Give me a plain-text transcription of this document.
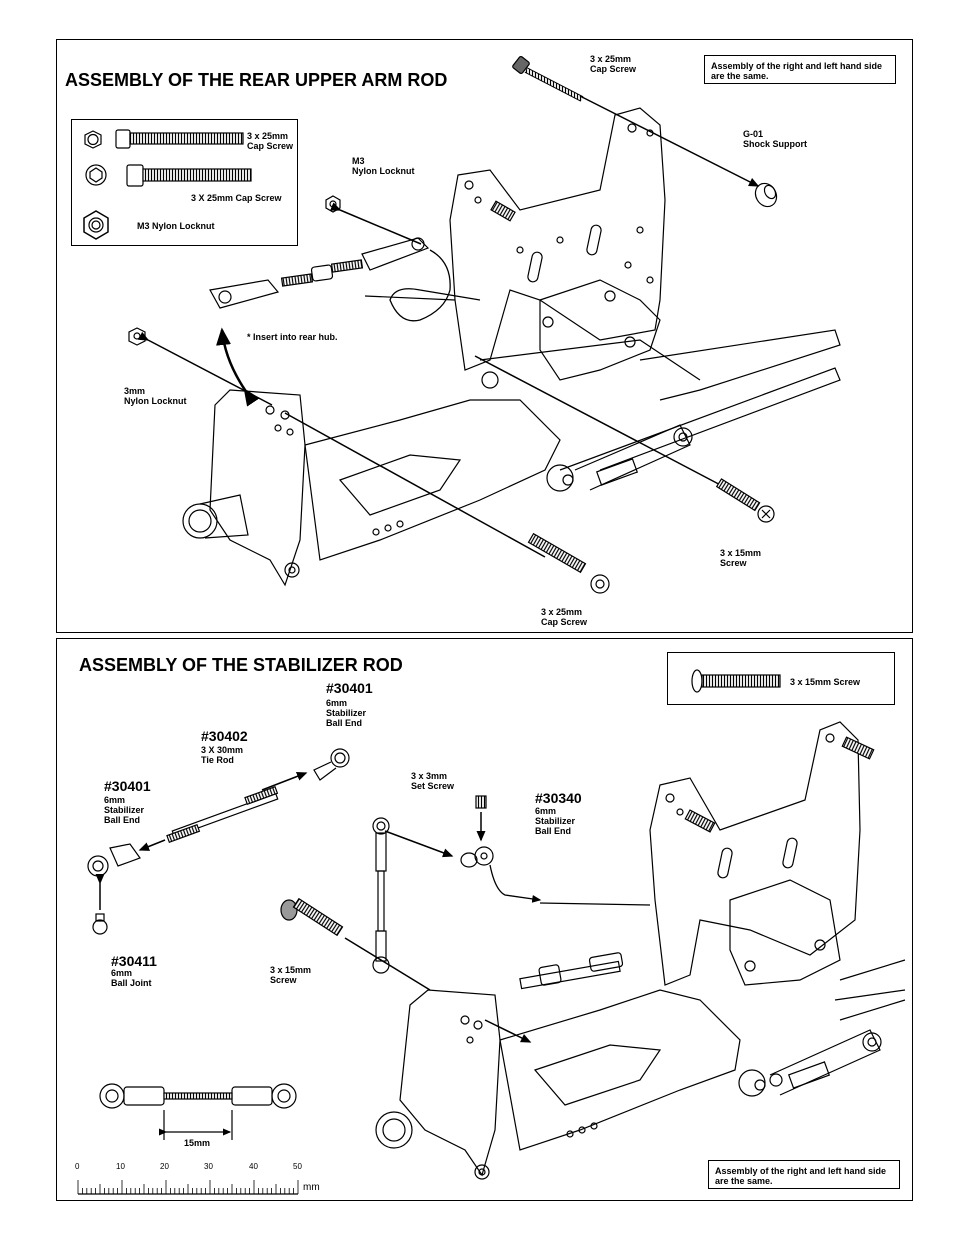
ASSEMBLY OF THE REAR UPPER ARM ROD
Assembly of the right and left hand side are the same.
3 x 25mm
Cap Screw
3 X 25mm Cap Screw
M3 Nylon Locknut
3 x 25mm
Cap Screw
G-01
Shock Support
M3
Nylon Locknut
* Insert into rear hub.
3mm
Nylon Locknut
3 x 15mm
Screw
3 x 25mm
Cap Screw
ASSEMBLY OF THE STABILIZER ROD
3 x 15mm Screw
Assembly of the right and left hand side are the same.
#30401
6mm
Stabilizer
Ball End
#30402
3 X 30mm
Tie Rod
#30401
6mm
Stabilizer
Ball End
#30411
6mm
Ball Joint
#30340
6mm
Stabilizer
Ball End
3 x 3mm
Set Screw
3 x 15mm
Screw
15mm
0	10	20	30	40	50
mm
